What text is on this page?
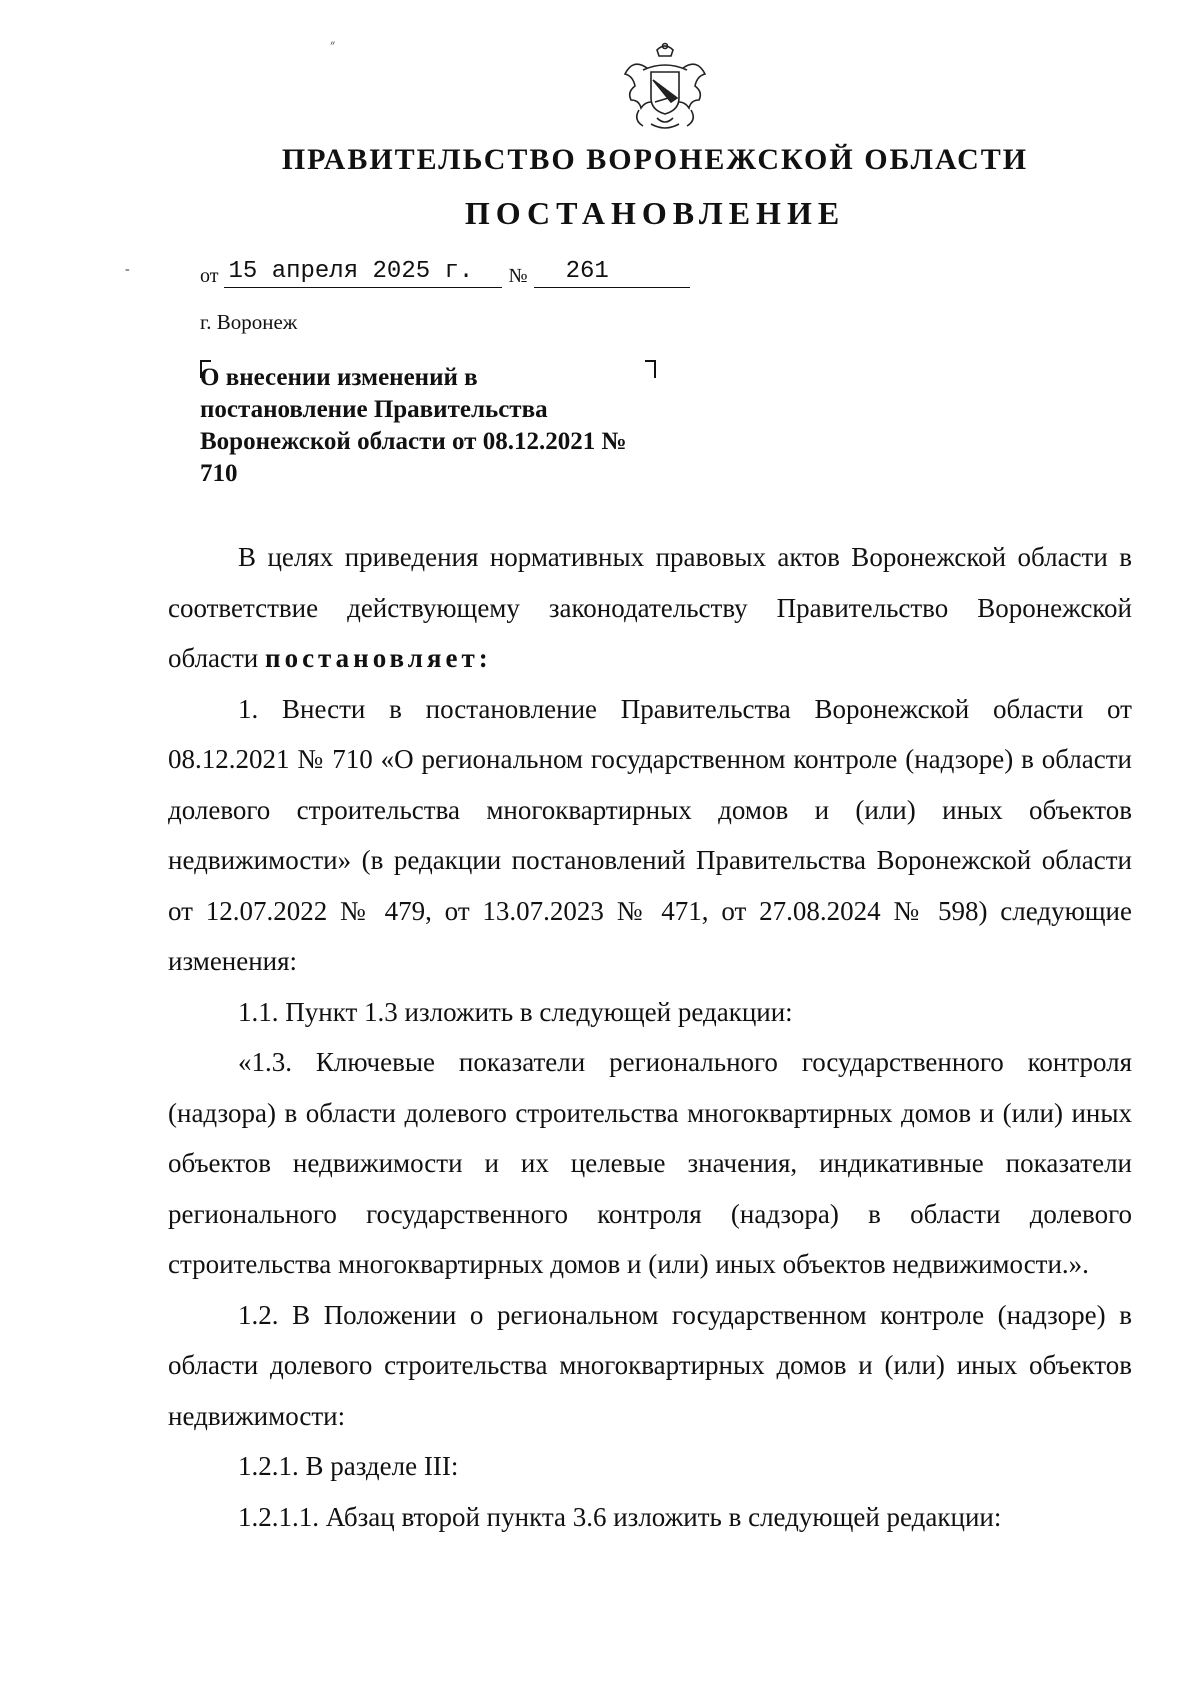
״
-
ПРАВИТЕЛЬСТВО ВОРОНЕЖСКОЙ ОБЛАСТИ
ПОСТАНОВЛЕНИЕ
от 15 апреля 2025 г.	№	261
г. Воронеж
О внесении изменений в постановление Правительства Воронежской области от 08.12.2021 № 710

В целях приведения нормативных правовых актов Воронежской области в соответствие действующему законодательству Правительство Воронежской области постановляет:

1. Внести в постановление Правительства Воронежской области от 08.12.2021 № 710 «О региональном государственном контроле (надзоре) в области долевого строительства многоквартирных домов и (или) иных объектов недвижимости» (в редакции постановлений Правительства Воронежской области от 12.07.2022 № 479, от 13.07.2023 № 471, от 27.08.2024 № 598) следующие изменения:

1.1. Пункт 1.3 изложить в следующей редакции:

«1.3. Ключевые показатели регионального государственного контроля (надзора) в области долевого строительства многоквартирных домов и (или) иных объектов недвижимости и их целевые значения, индикативные показатели регионального государственного контроля (надзора) в области долевого строительства многоквартирных домов и (или) иных объектов недвижимости.».

1.2. В Положении о региональном государственном контроле (надзоре) в области долевого строительства многоквартирных домов и (или) иных объектов недвижимости:

1.2.1. В разделе III:

1.2.1.1. Абзац второй пункта 3.6 изложить в следующей редакции:
